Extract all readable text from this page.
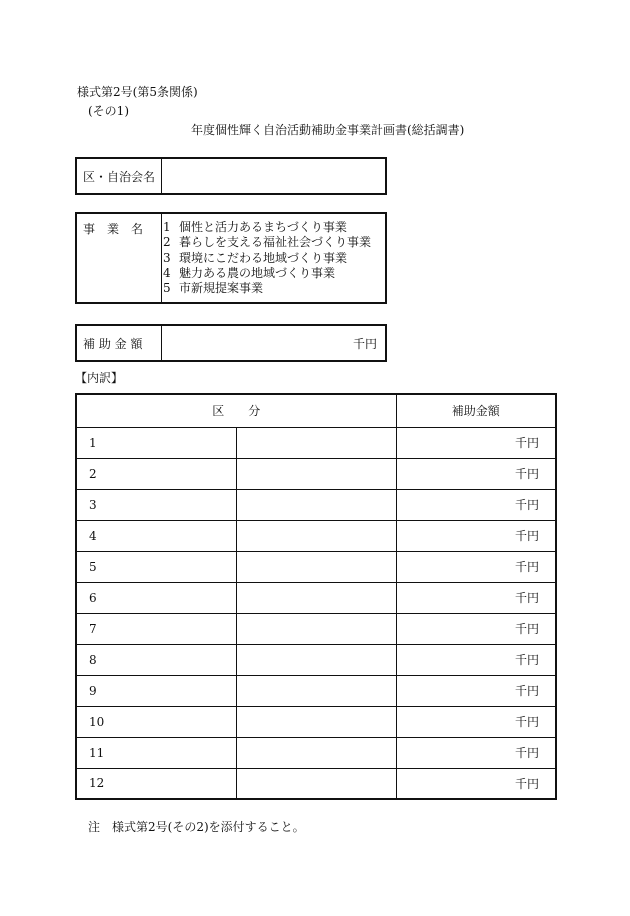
様式第2号(第5条関係)
(その1)
年度個性輝く自治活動補助金事業計画書(総括調書)
区・自治会名
事　業　名	1 個性と活力あるまちづくり事業
2 暮らしを支える福祉社会づくり事業
3 環境にこだわる地域づくり事業
4 魅力ある農の地域づくり事業
5 市新規提案事業
補 助 金 額	千円
【内訳】
区　　分		補助金額
1		千円
2		千円
3		千円
4		千円
5		千円
6		千円
7		千円
8		千円
9		千円
10		千円
11		千円
12		千円
注　様式第2号(その2)を添付すること。
